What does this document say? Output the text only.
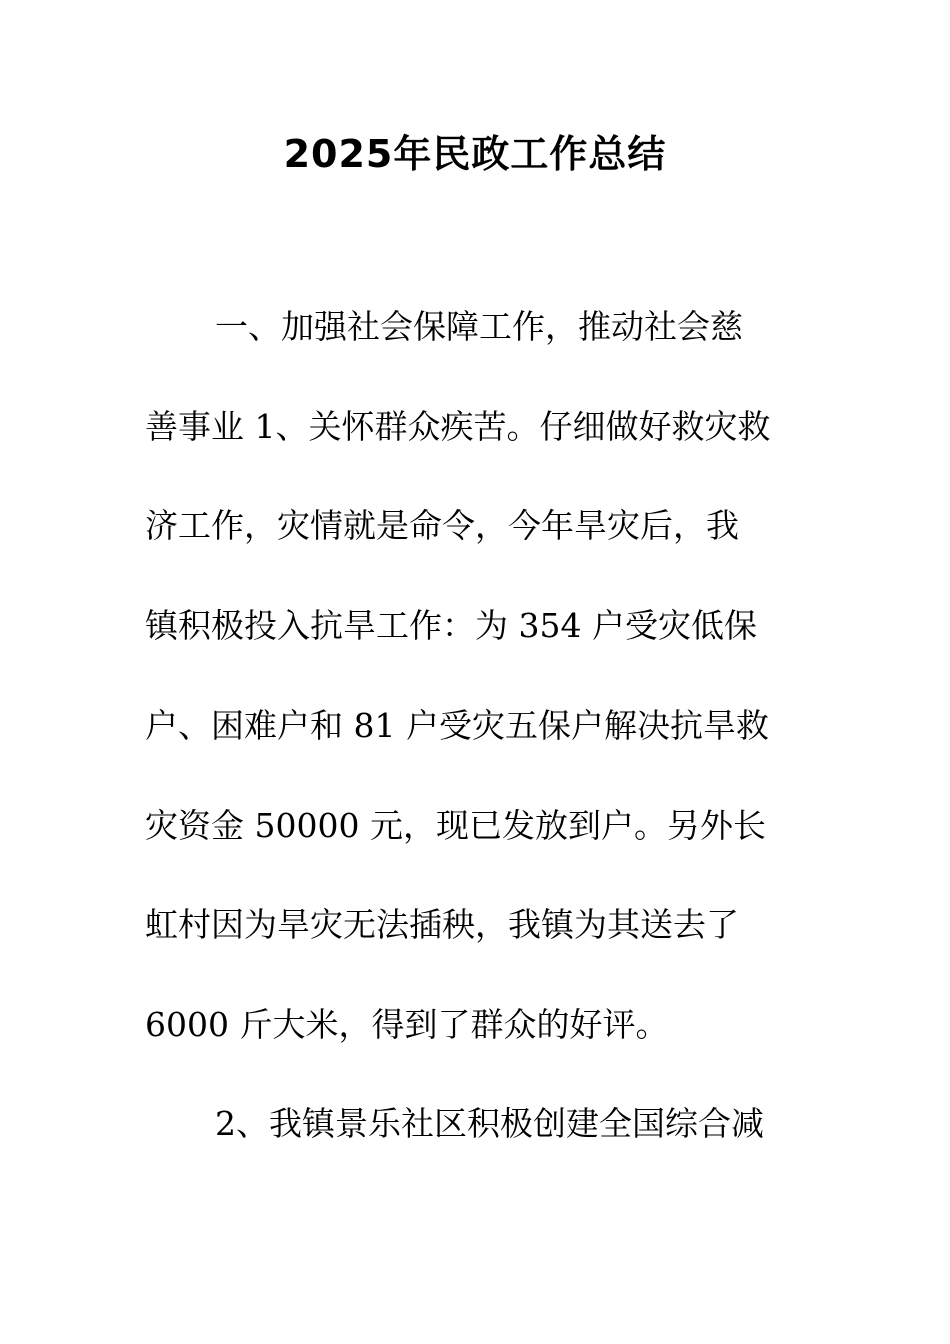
2025年民政工作总结
一、加强社会保障工作，推动社会慈
善事业 1、关怀群众疾苦。仔细做好救灾救
济工作，灾情就是命令，今年旱灾后，我
镇积极投入抗旱工作：为 354 户受灾低保
户、困难户和 81 户受灾五保户解决抗旱救
灾资金 50000 元，现已发放到户。另外长
虹村因为旱灾无法插秧，我镇为其送去了
6000 斤大米，得到了群众的好评。
2、我镇景乐社区积极创建全国综合减
